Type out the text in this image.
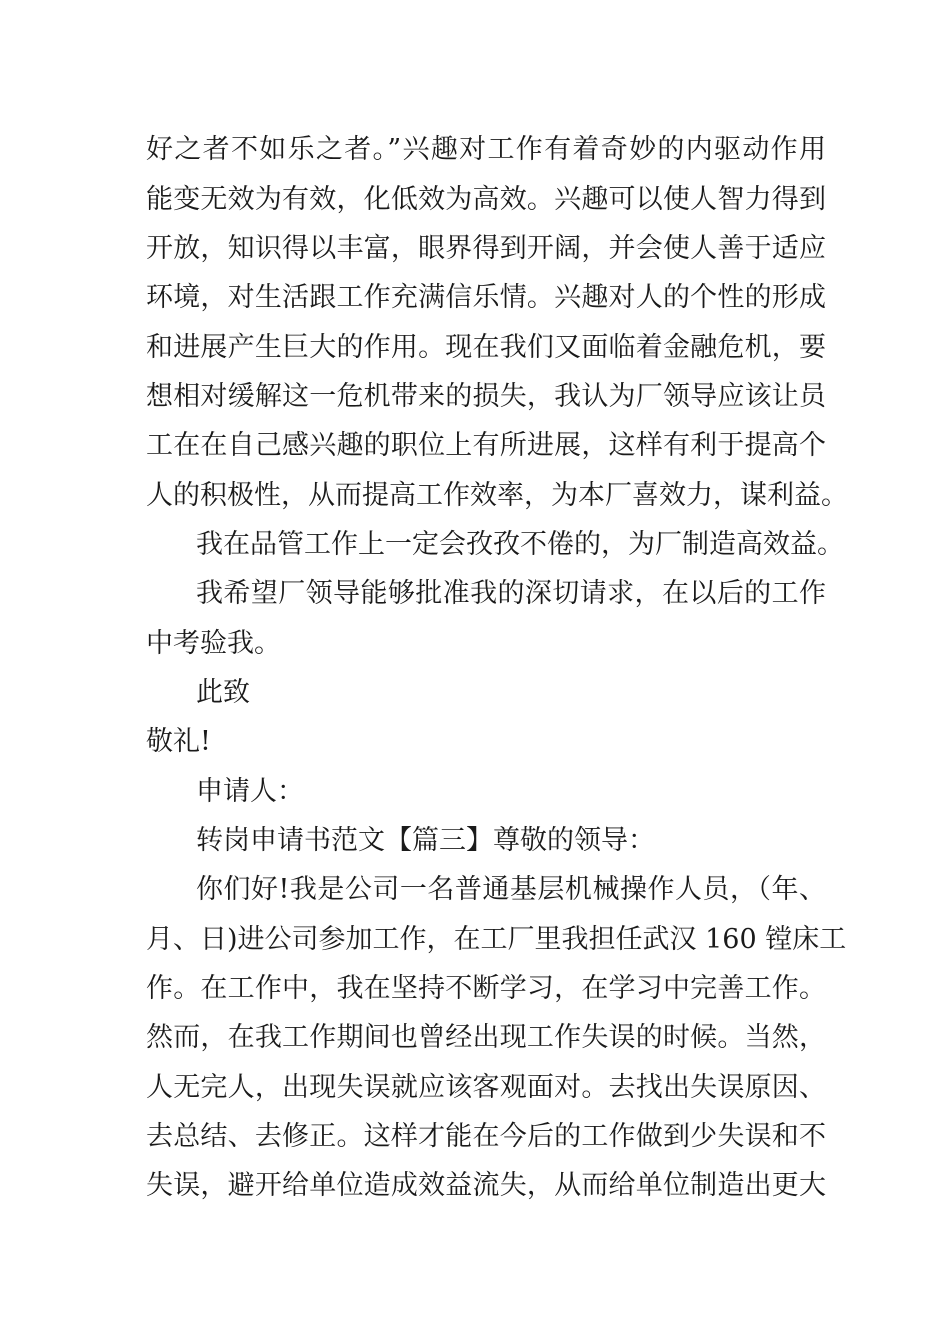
好之者不如乐之者。”兴趣对工作有着奇妙的内驱动作用
能变无效为有效，化低效为高效。兴趣可以使人智力得到
开放，知识得以丰富，眼界得到开阔，并会使人善于适应
环境，对生活跟工作充满信乐情。兴趣对人的个性的形成
和进展产生巨大的作用。现在我们又面临着金融危机，要
想相对缓解这一危机带来的损失，我认为厂领导应该让员
工在在自己感兴趣的职位上有所进展，这样有利于提高个
人的积极性，从而提高工作效率，为本厂喜效力，谋利益。
我在品管工作上一定会孜孜不倦的，为厂制造高效益。
我希望厂领导能够批准我的深切请求，在以后的工作
中考验我。
此致
敬礼!
申请人：
转岗申请书范文【篇三】尊敬的领导：
你们好!我是公司一名普通基层机械操作人员，（年、
月、日)进公司参加工作，在工厂里我担任武汉 160 镗床工
作。在工作中，我在坚持不断学习，在学习中完善工作。
然而，在我工作期间也曾经出现工作失误的时候。当然，
人无完人，出现失误就应该客观面对。去找出失误原因、
去总结、去修正。这样才能在今后的工作做到少失误和不
失误，避开给单位造成效益流失，从而给单位制造出更大
